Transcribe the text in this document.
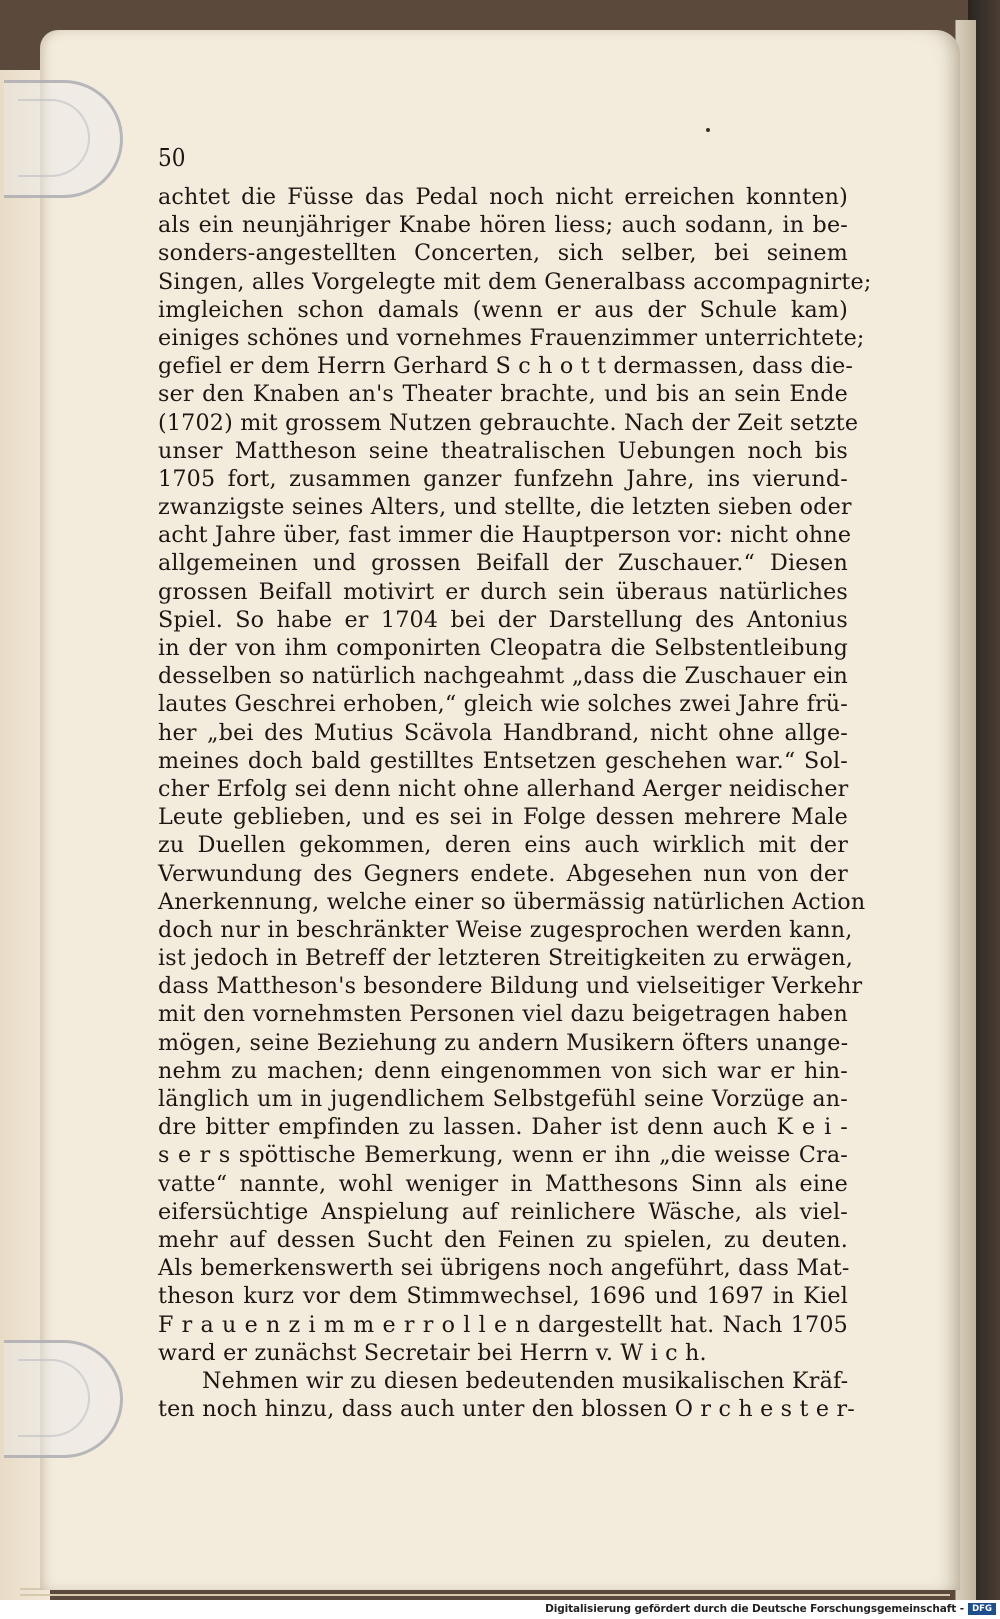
50
achtet die Füsse das Pedal noch nicht erreichen konnten)
als ein neunjähriger Knabe hören liess; auch sodann, in be-
sonders-angestellten Concerten, sich selber, bei seinem
Singen, alles Vorgelegte mit dem Generalbass accompagnirte;
imgleichen schon damals (wenn er aus der Schule kam)
einiges schönes und vornehmes Frauenzimmer unterrichtete;
gefiel er dem Herrn Gerhard S c h o t t dermassen, dass die-
ser den Knaben an's Theater brachte, und bis an sein Ende
(1702) mit grossem Nutzen gebrauchte. Nach der Zeit setzte
unser Mattheson seine theatralischen Uebungen noch bis
1705 fort, zusammen ganzer funfzehn Jahre, ins vierund-
zwanzigste seines Alters, und stellte, die letzten sieben oder
acht Jahre über, fast immer die Hauptperson vor: nicht ohne
allgemeinen und grossen Beifall der Zuschauer.“ Diesen
grossen Beifall motivirt er durch sein überaus natürliches
Spiel. So habe er 1704 bei der Darstellung des Antonius
in der von ihm componirten Cleopatra die Selbstentleibung
desselben so natürlich nachgeahmt „dass die Zuschauer ein
lautes Geschrei erhoben,“ gleich wie solches zwei Jahre frü-
her „bei des Mutius Scävola Handbrand, nicht ohne allge-
meines doch bald gestilltes Entsetzen geschehen war.“ Sol-
cher Erfolg sei denn nicht ohne allerhand Aerger neidischer
Leute geblieben, und es sei in Folge dessen mehrere Male
zu Duellen gekommen, deren eins auch wirklich mit der
Verwundung des Gegners endete. Abgesehen nun von der
Anerkennung, welche einer so übermässig natürlichen Action
doch nur in beschränkter Weise zugesprochen werden kann,
ist jedoch in Betreff der letzteren Streitigkeiten zu erwägen,
dass Mattheson's besondere Bildung und vielseitiger Verkehr
mit den vornehmsten Personen viel dazu beigetragen haben
mögen, seine Beziehung zu andern Musikern öfters unange-
nehm zu machen; denn eingenommen von sich war er hin-
länglich um in jugendlichem Selbstgefühl seine Vorzüge an-
dre bitter empfinden zu lassen. Daher ist denn auch K e i -
s e r s spöttische Bemerkung, wenn er ihn „die weisse Cra-
vatte“ nannte, wohl weniger in Matthesons Sinn als eine
eifersüchtige Anspielung auf reinlichere Wäsche, als viel-
mehr auf dessen Sucht den Feinen zu spielen, zu deuten.
Als bemerkenswerth sei übrigens noch angeführt, dass Mat-
theson kurz vor dem Stimmwechsel, 1696 und 1697 in Kiel
F r a u e n z i m m e r r o l l e n dargestellt hat. Nach 1705
ward er zunächst Secretair bei Herrn v. W i c h.
Nehmen wir zu diesen bedeutenden musikalischen Kräf-
ten noch hinzu, dass auch unter den blossen O r c h e s t e r-
Digitalisierung gefördert durch die Deutsche Forschungsgemeinschaft - DFG
